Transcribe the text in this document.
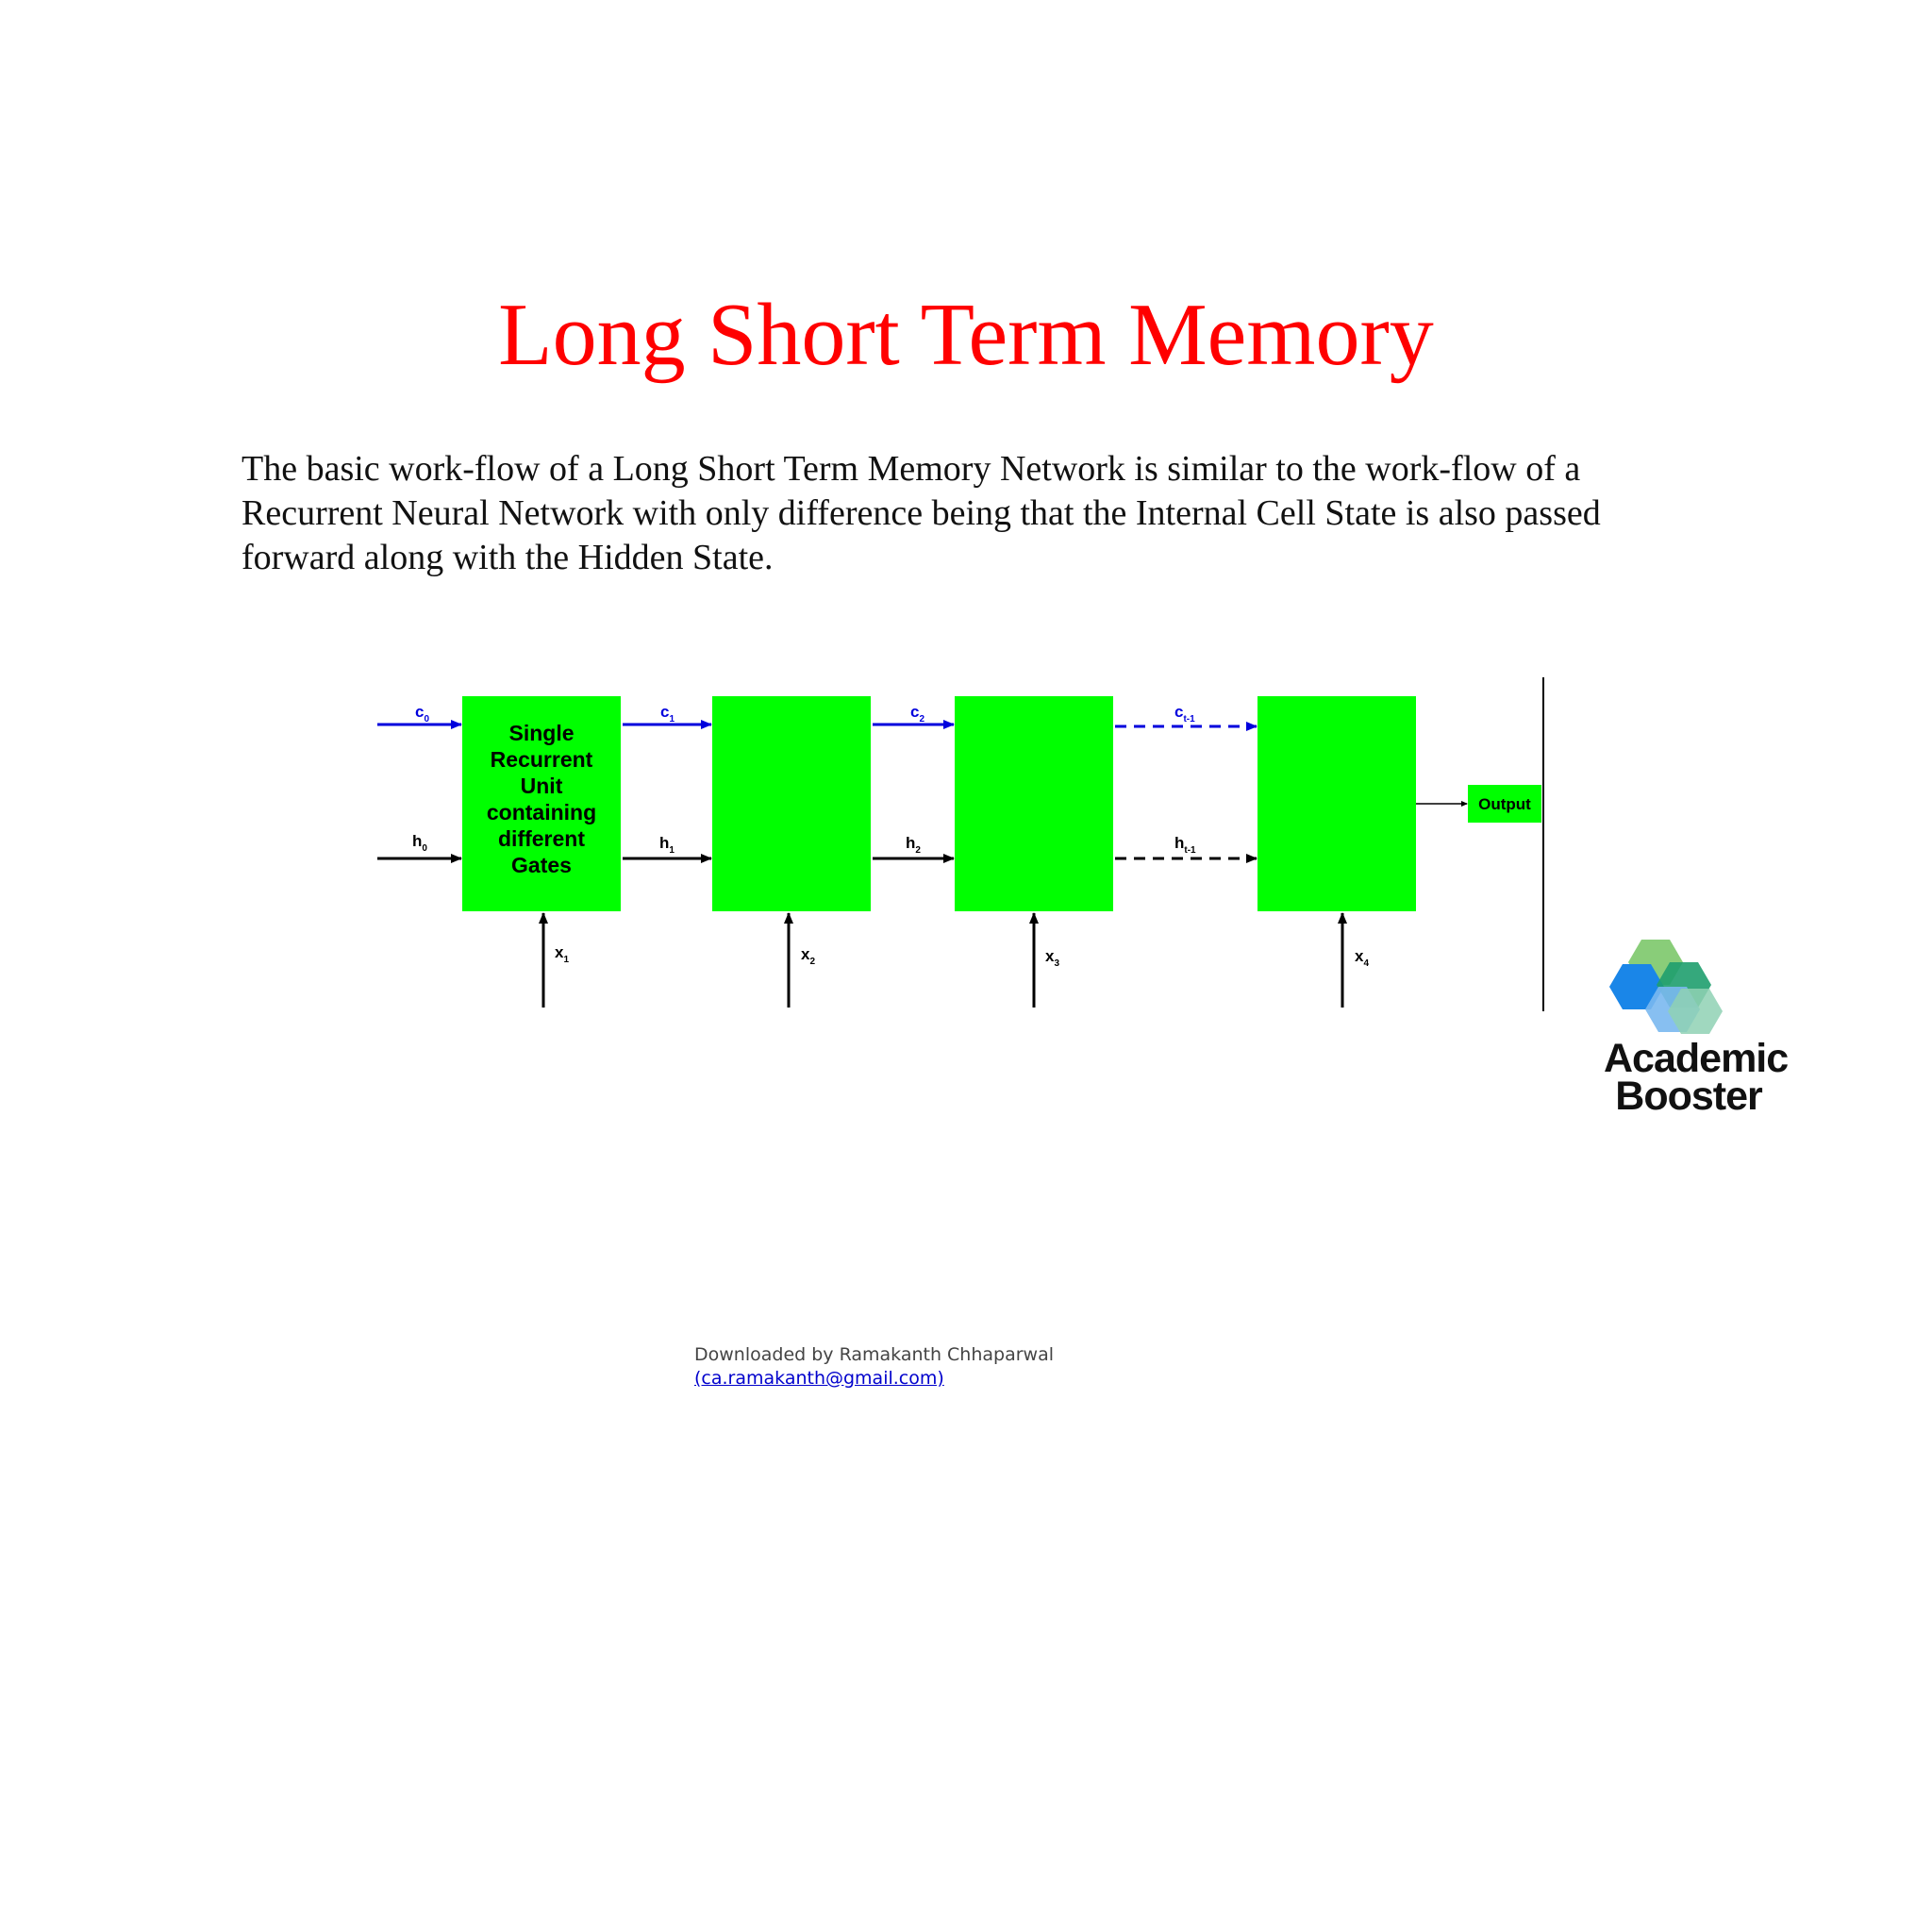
Long Short Term Memory
The basic work-flow of a Long Short Term Memory Network is similar to the work-flow of a
Recurrent Neural Network with only difference being that the Internal Cell State is also passed
forward along with the Hidden State.
Single
Recurrent
Unit
containing
different
Gates
Output
$c_0$	$c_1$	$c_2$	$c_{t-1}$
$h_0$	$h_1$	$h_2$	$h_{t-1}$
$x_1$	$x_2$	$x_3$	$x_4$
Academic
Booster
Downloaded by Ramakanth Chhaparwal
(ca.ramakanth@gmail.com)
